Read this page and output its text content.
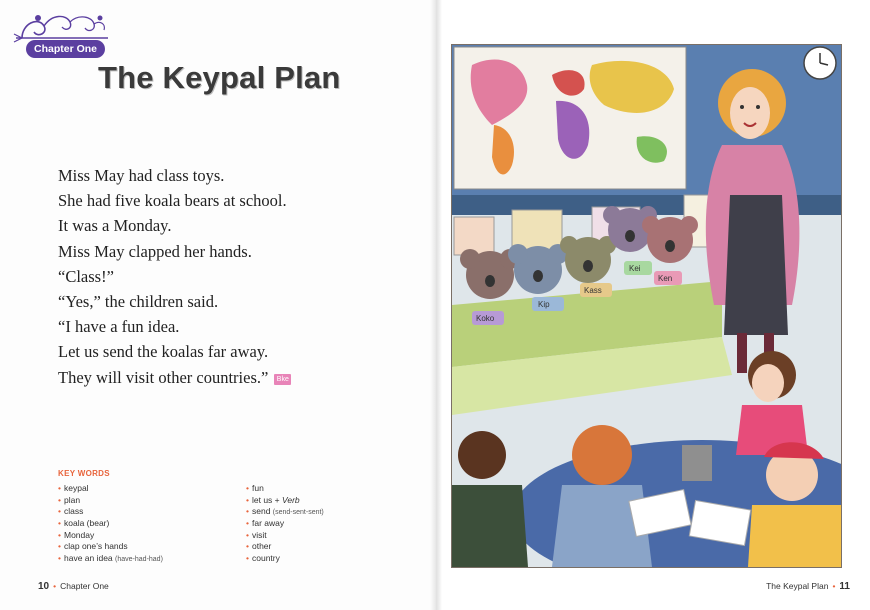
Chapter One
The Keypal Plan
Miss May had class toys.
She had five koala bears at school.
It was a Monday.
Miss May clapped her hands.
“Class!”
“Yes,” the children said.
“I have a fun idea.
Let us send the koalas far away.
They will visit other countries.” Bke
KEY WORDS
• keypal
• plan
• class
• koala (bear)
• Monday
• clap one’s hands
• have an idea (have-had-had)
• fun
• let us + Verb
• send (send-sent-sent)
• far away
• visit
• other
• country
10 • Chapter One	The Keypal Plan • 11
Koko
Kip
Kass
Kei
Ken
